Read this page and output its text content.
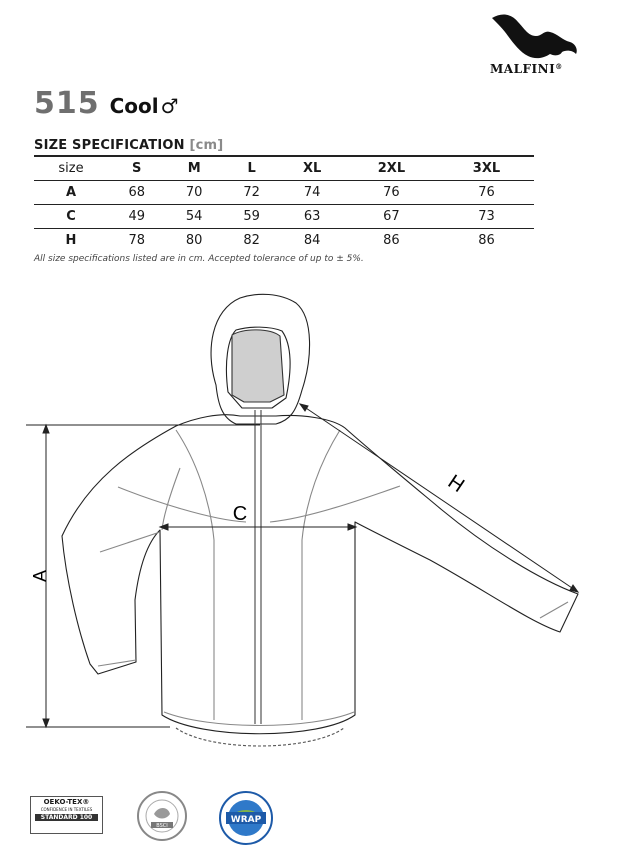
MALFINI®
515 Cool ♂
SIZE SPECIFICATION [cm]
size	S	M	L	XL	2XL	3XL
A	68	70	72	74	76	76
C	49	54	59	63	67	73
H	78	80	82	84	86	86
All size specifications listed are in cm. Accepted tolerance of up to ± 5%.
A
C
H
OEKO-TEX®
CONFIDENCE IN TEXTILES
STANDARD 100
BSCI
WRAP
